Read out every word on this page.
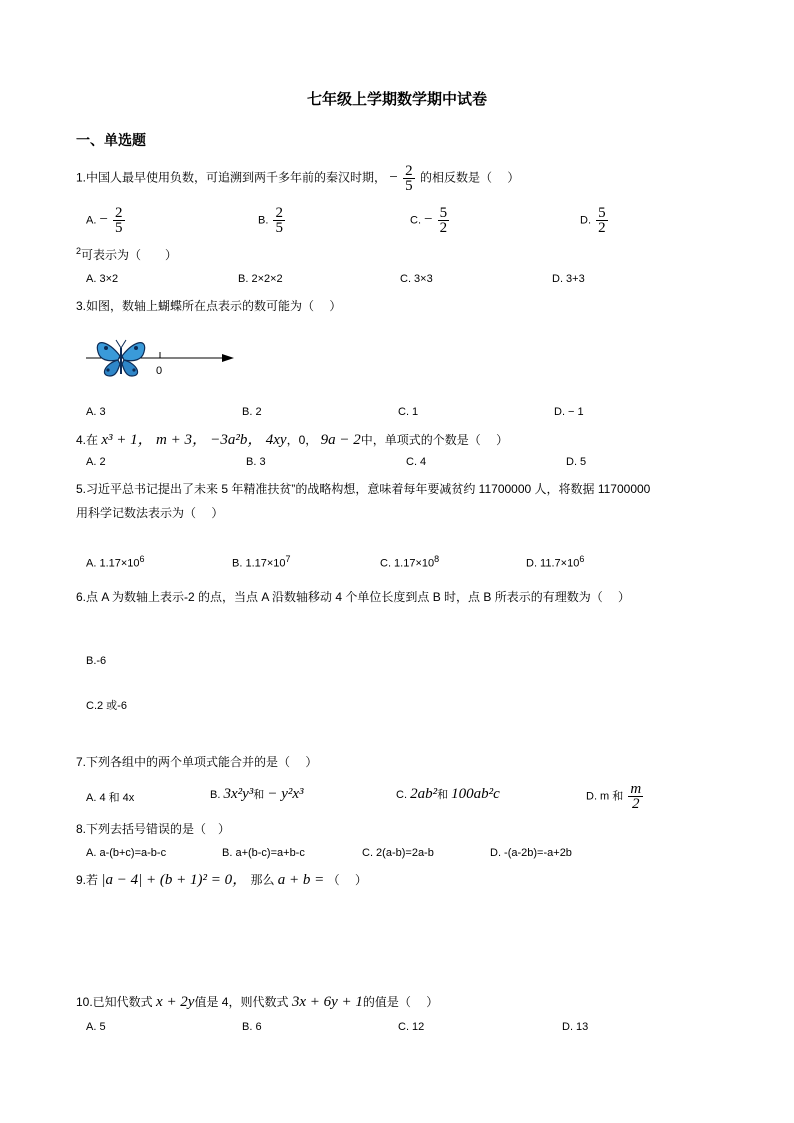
七年级上学期数学期中试卷
一、单选题
1.中国人最早使用负数，可追溯到两千多年前的秦汉时期， − $\frac{2}{5}$ 的相反数是（　 ）
A. − $\frac{2}{5}$	B. $\frac{2}{5}$	C. − $\frac{5}{2}$	D. $\frac{5}{2}$
$^2$可表示为（　　）
A. 3×2	B. 2×2×2	C. 3×3	D. 3+3
3.如图，数轴上蝴蝶所在点表示的数可能为（　 ）
0
A. 3	B. 2	C. 1	D. − 1
4.在 x³ + 1， m + 3， −3a²b， 4xy，0， 9a − 2中，单项式的个数是（　 ）
A. 2	B. 3	C. 4	D. 5
5.习近平总书记提出了未来 5 年精准扶贫”的战略构想，意味着每年要减贫约 11700000 人，将数据 11700000
用科学记数法表示为（　 ）
A. $1.17\times 10^6$	B. $1.17\times 10^7$	C. $1.17\times 10^8$	D. $11.7\times 10^6$
6.点 A 为数轴上表示-2 的点，当点 A 沿数轴移动 4 个单位长度到点 B 时，点 B 所表示的有理数为（　 ）
B.-6
C.2 或-6
7.下列各组中的两个单项式能合并的是（　 ）
A. 4 和 4x	B. 3x²y³和 − y²x³	C. 2ab²和 100ab²c	D. m 和 $\frac{m}{2}$
8.下列去括号错误的是（　）
A. a-(b+c)=a-b-c	B. a+(b-c)=a+b-c	C. 2(a-b)=2a-b	D. -(a-2b)=-a+2b
9.若 |a − 4| + (b + 1)² = 0， 那么 a + b = （　 ）
10.已知代数式 x + 2y值是 4，则代数式 3x + 6y + 1的值是（　 ）
A. 5	B. 6	C. 12	D. 13
